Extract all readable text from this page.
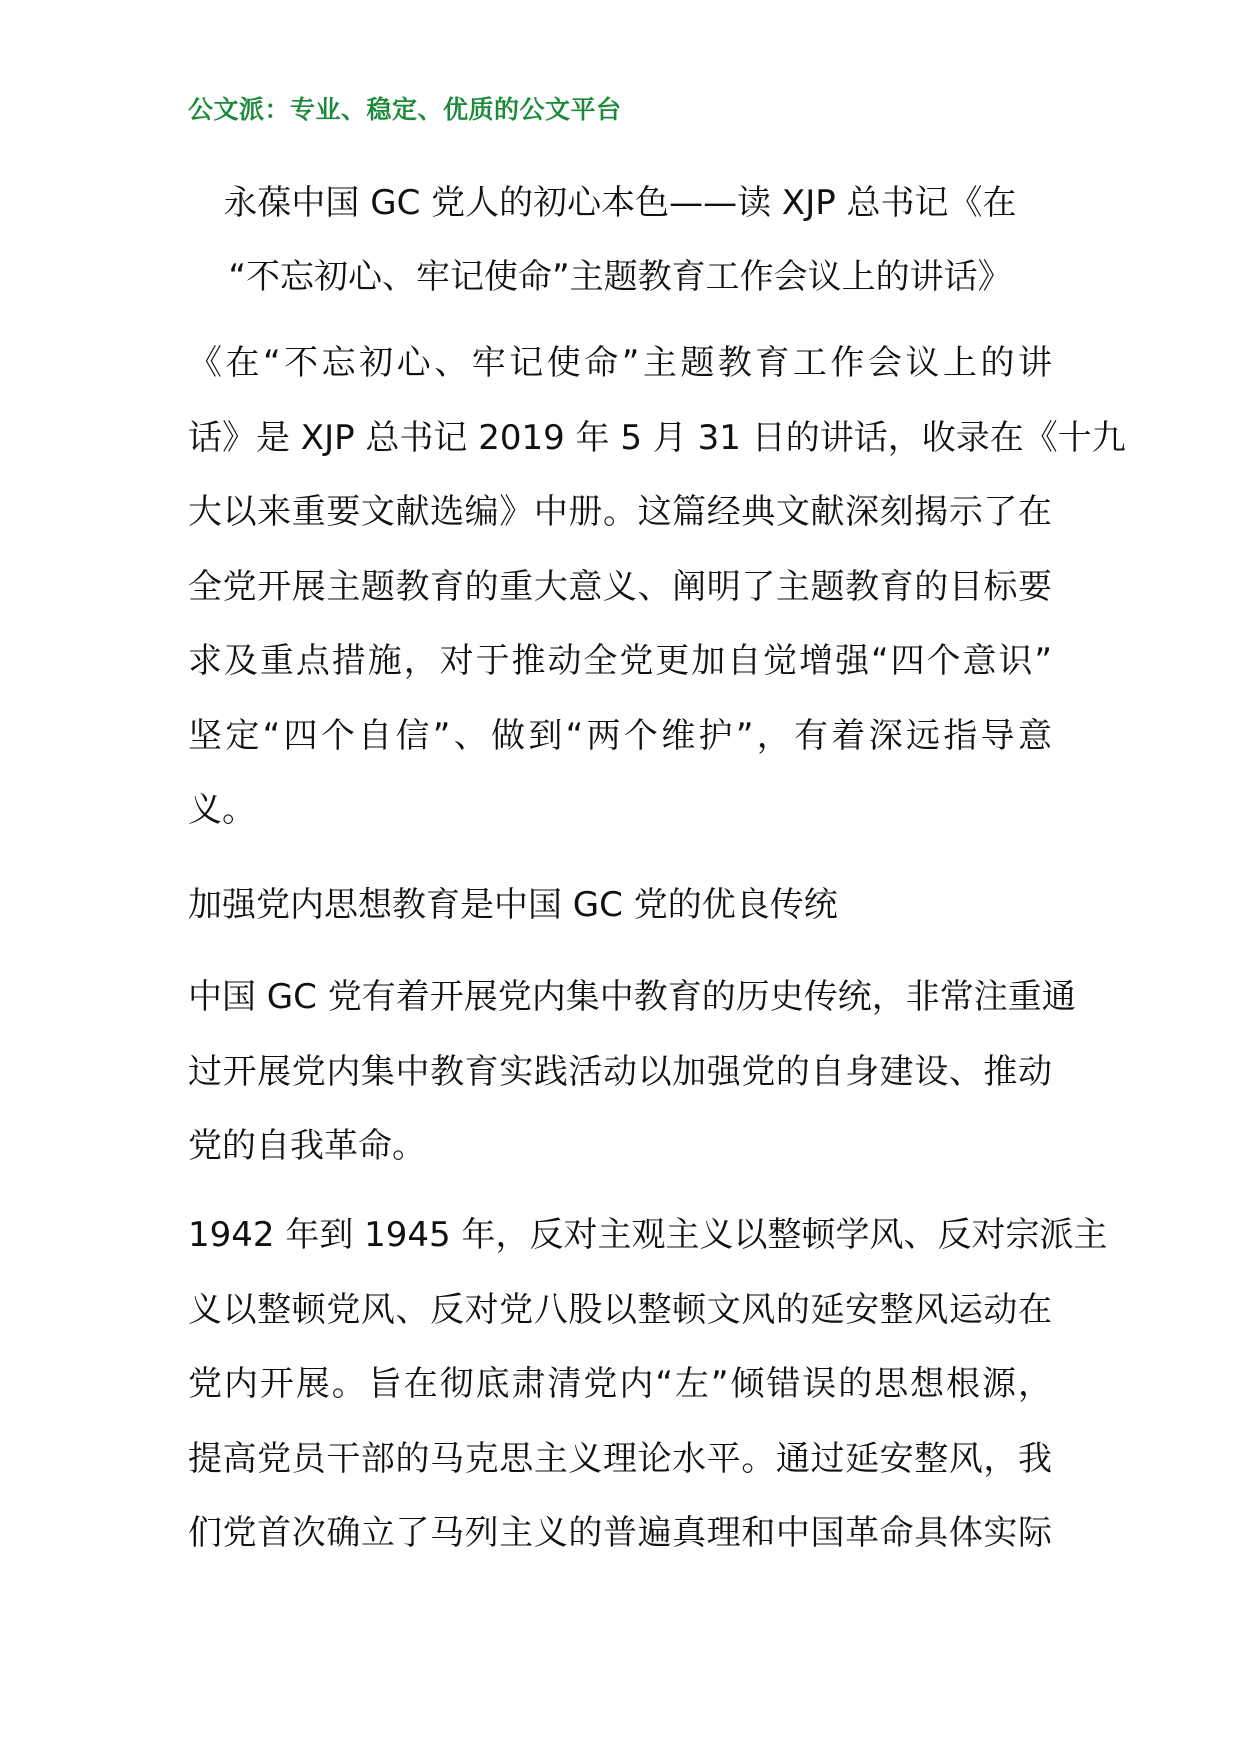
公文派：专业、稳定、优质的公文平台
永葆中国 GC 党人的初心本色——读 XJP 总书记《在
“不忘初心、牢记使命”主题教育工作会议上的讲话》
《在“不忘初心、牢记使命”主题教育工作会议上的讲
话》是 XJP 总书记 2019 年 5 月 31 日的讲话，收录在《十九
大以来重要文献选编》中册。这篇经典文献深刻揭示了在
全党开展主题教育的重大意义、阐明了主题教育的目标要
求及重点措施，对于推动全党更加自觉增强“四个意识”
坚定“四个自信”、做到“两个维护”，有着深远指导意
义。
加强党内思想教育是中国 GC 党的优良传统
中国 GC 党有着开展党内集中教育的历史传统，非常注重通
过开展党内集中教育实践活动以加强党的自身建设、推动
党的自我革命。
1942 年到 1945 年，反对主观主义以整顿学风、反对宗派主
义以整顿党风、反对党八股以整顿文风的延安整风运动在
党内开展。旨在彻底肃清党内“左”倾错误的思想根源，
提高党员干部的马克思主义理论水平。通过延安整风，我
们党首次确立了马列主义的普遍真理和中国革命具体实际
